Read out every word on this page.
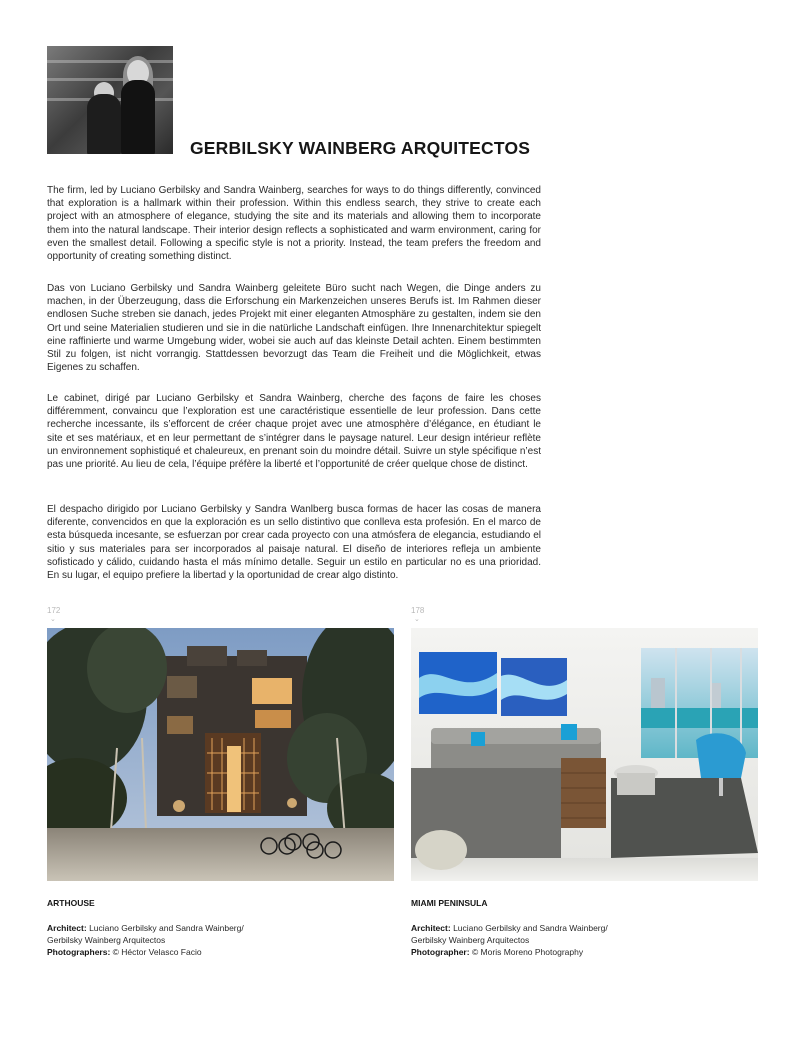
GERBILSKY WAINBERG ARQUITECTOS

The firm, led by Luciano Gerbilsky and Sandra Wainberg, searches for ways to do things differently, convinced that exploration is a hallmark within their profession. Within this endless search, they strive to create each project with an atmosphere of elegance, studying the site and its materials and allowing them to incorporate them into the natural landscape. Their interior design reflects a sophisticated and warm environment, caring for even the smallest detail. Following a specific style is not a priority. Instead, the team prefers the freedom and opportunity of creating something distinct.

Das von Luciano Gerbilsky und Sandra Wainberg geleitete Büro sucht nach Wegen, die Dinge anders zu machen, in der Überzeugung, dass die Erforschung ein Markenzeichen unseres Berufs ist. Im Rahmen dieser endlosen Suche streben sie danach, jedes Projekt mit einer eleganten Atmosphäre zu gestalten, indem sie den Ort und seine Materialien studieren und sie in die natürliche Landschaft einfügen. Ihre Innenarchitektur spiegelt eine raffinierte und warme Umgebung wider, wobei sie auch auf das kleinste Detail achten. Einem bestimmten Stil zu folgen, ist nicht vorrangig. Stattdessen bevorzugt das Team die Freiheit und die Möglichkeit, etwas Eigenes zu schaffen.

Le cabinet, dirigé par Luciano Gerbilsky et Sandra Wainberg, cherche des façons de faire les choses différemment, convaincu que l’exploration est une caractéristique essentielle de leur profession. Dans cette recherche incessante, ils s’efforcent de créer chaque projet avec une atmosphère d’élégance, en étudiant le site et ses matériaux, et en leur permettant de s’intégrer dans le paysage naturel. Leur design intérieur reflète un environnement sophistiqué et chaleureux, en prenant soin du moindre détail. Suivre un style spécifique n’est pas une priorité. Au lieu de cela, l’équipe préfère la liberté et l’opportunité de créer quelque chose de distinct.

El despacho dirigido por Luciano Gerbilsky y Sandra Wanlberg busca formas de hacer las cosas de manera diferente, convencidos en que la exploración es un sello distintivo que conlleva esta profesión. En el marco de esta búsqueda incesante, se esfuerzan por crear cada proyecto con una atmósfera de elegancia, estudiando el sitio y sus materiales para ser incorporados al paisaje natural. El diseño de interiores refleja un ambiente sofisticado y cálido, cuidando hasta el más mínimo detalle. Seguir un estilo en particular no es una prioridad. En su lugar, el equipo prefiere la libertad y la oportunidad de crear algo distinto.

172
⌄
178
⌄
ARTHOUSE	MIAMI PENINSULA
Architect: Luciano Gerbilsky and Sandra Wainberg/
Gerbilsky Wainberg Arquitectos
Photographers: © Héctor Velasco Facio
Architect: Luciano Gerbilsky and Sandra Wainberg/
Gerbilsky Wainberg Arquitectos
Photographer: © Moris Moreno Photography
